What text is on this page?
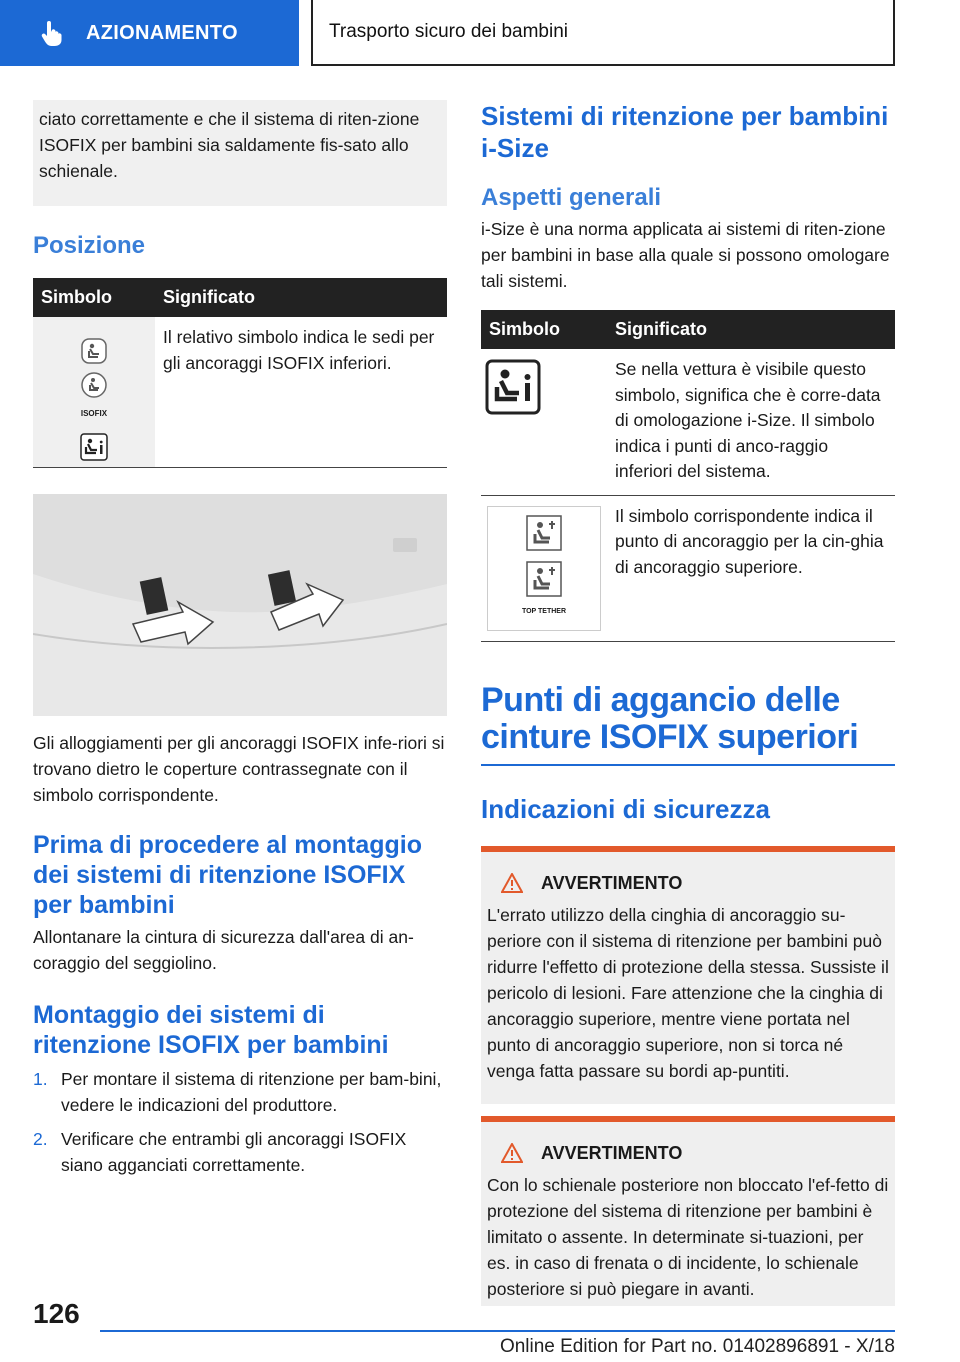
AZIONAMENTO	Trasporto sicuro dei bambini
ciato correttamente e che il sistema di riten-zione ISOFIX per bambini sia saldamente fis-sato allo schienale.
Posizione
Simbolo	Significato

ISOFIX	Il relativo simbolo indica le sedi per gli ancoraggi ISOFIX inferiori.

Gli alloggiamenti per gli ancoraggi ISOFIX infe-riori si trovano dietro le coperture contrassegnate con il simbolo corrispondente.

Prima di procedere al montaggio dei sistemi di ritenzione ISOFIX per bambini

Allontanare la cintura di sicurezza dall'area di an-coraggio del seggiolino.

Montaggio dei sistemi di ritenzione ISOFIX per bambini
1. Per montare il sistema di ritenzione per bam-bini, vedere le indicazioni del produttore.
2. Verificare che entrambi gli ancoraggi ISOFIX siano agganciati correttamente.
Sistemi di ritenzione per bambini i-Size
Aspetti generali

i-Size è una norma applicata ai sistemi di riten-zione per bambini in base alla quale si possono omologare tali sistemi.

Simbolo	Significato
	Se nella vettura è visibile questo simbolo, significa che è corre-data di omologazione i-Size. Il simbolo indica i punti di anco-raggio inferiori del sistema.

TOP TETHER	Il simbolo corrispondente indica il punto di ancoraggio per la cin-ghia di ancoraggio superiore.
Punti di aggancio delle cinture ISOFIX superiori
Indicazioni di sicurezza
AVVERTIMENTO
L'errato utilizzo della cinghia di ancoraggio su-periore con il sistema di ritenzione per bambini può ridurre l'effetto di protezione della stessa. Sussiste il pericolo di lesioni. Fare attenzione che la cinghia di ancoraggio superiore, mentre viene portata nel punto di ancoraggio superiore, non si torca né venga fatta passare su bordi ap-puntiti.
AVVERTIMENTO
Con lo schienale posteriore non bloccato l'ef-fetto di protezione del sistema di ritenzione per bambini è limitato o assente. In determinate si-tuazioni, per es. in caso di frenata o di incidente, lo schienale posteriore si può piegare in avanti.
126
Online Edition for Part no. 01402896891 - X/18
